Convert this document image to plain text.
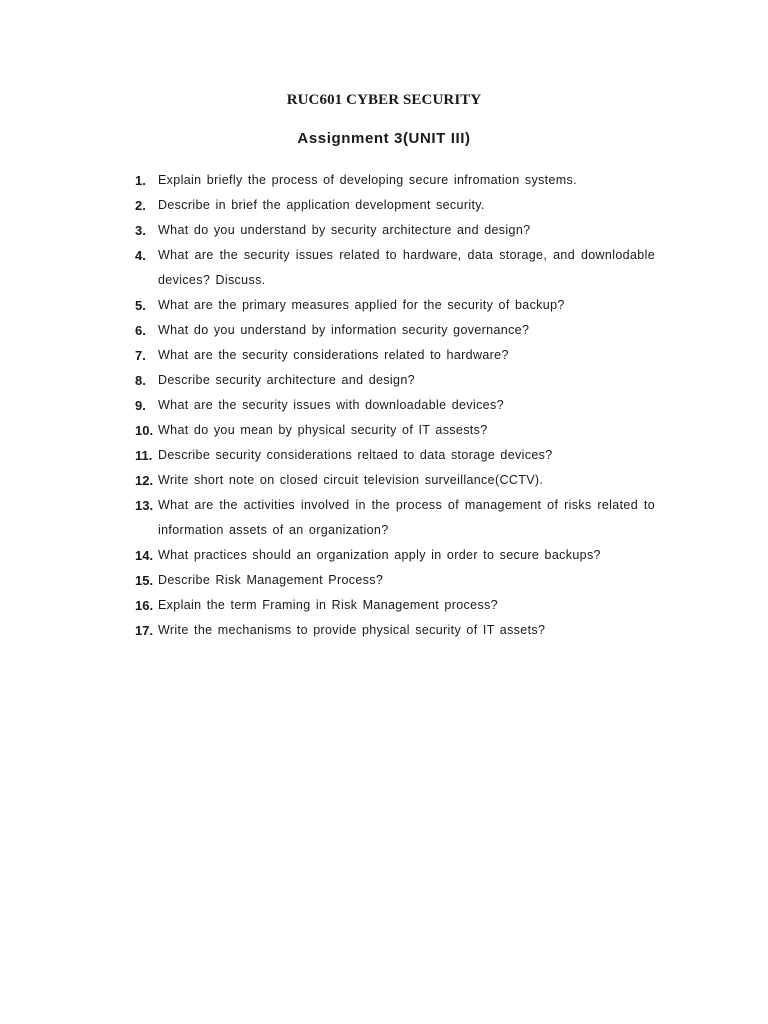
RUC601 CYBER SECURITY
Assignment 3(UNIT III)
1. Explain briefly the process of developing secure infromation systems.
2. Describe in brief the application development security.
3. What do you understand by security architecture and design?
4. What are the security issues related to hardware, data storage, and downlodable devices? Discuss.
5. What are the primary measures applied for the security of backup?
6. What do you understand by information security governance?
7. What are the security considerations related to hardware?
8. Describe security architecture and design?
9. What are the security issues with downloadable devices?
10. What do you mean by physical security of IT assests?
11. Describe security considerations reltaed to data storage devices?
12. Write short note on closed circuit television surveillance(CCTV).
13. What are the activities involved in the process of management of risks related to information assets of an organization?
14. What practices should an organization apply in order to secure backups?
15. Describe Risk Management Process?
16. Explain the term Framing in Risk Management process?
17. Write the mechanisms to provide physical security of IT assets?
